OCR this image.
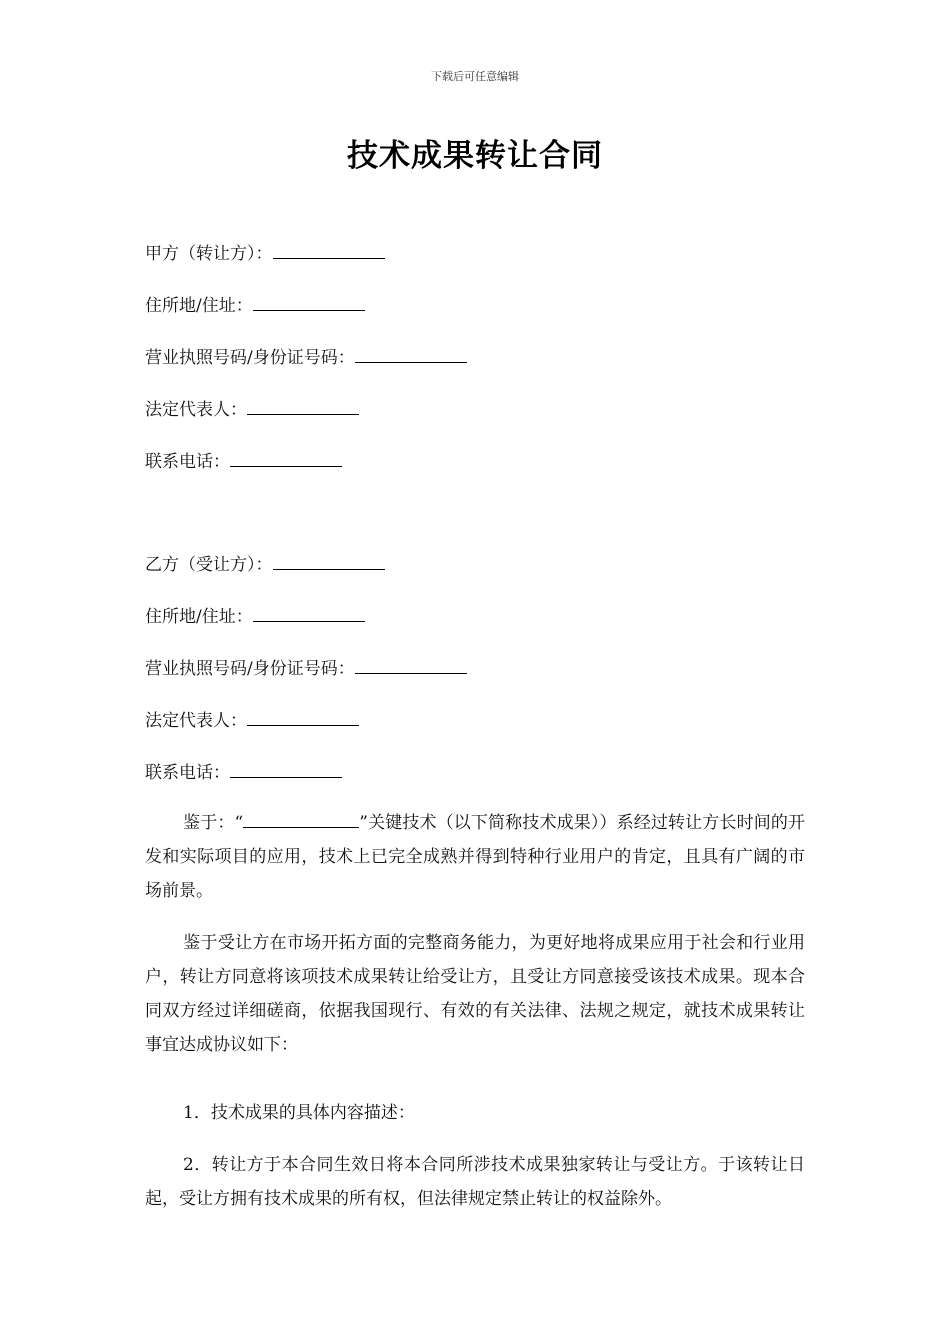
下载后可任意编辑
技术成果转让合同
甲方（转让方）：
住所地/住址：
营业执照号码/身份证号码：
法定代表人：
联系电话：
乙方（受让方）：
住所地/住址：
营业执照号码/身份证号码：
法定代表人：
联系电话：
鉴于：“	”关键技术（以下简称技术成果））系经过转让方长时间的开发和实际项目的应用，技术上已完全成熟并得到特种行业用户的肯定，且具有广阔的市场前景。
鉴于受让方在市场开拓方面的完整商务能力，为更好地将成果应用于社会和行业用户，转让方同意将该项技术成果转让给受让方，且受让方同意接受该技术成果。现本合同双方经过详细磋商，依据我国现行、有效的有关法律、法规之规定，就技术成果转让事宜达成协议如下：
1．技术成果的具体内容描述：
2．转让方于本合同生效日将本合同所涉技术成果独家转让与受让方。于该转让日起，受让方拥有技术成果的所有权，但法律规定禁止转让的权益除外。
